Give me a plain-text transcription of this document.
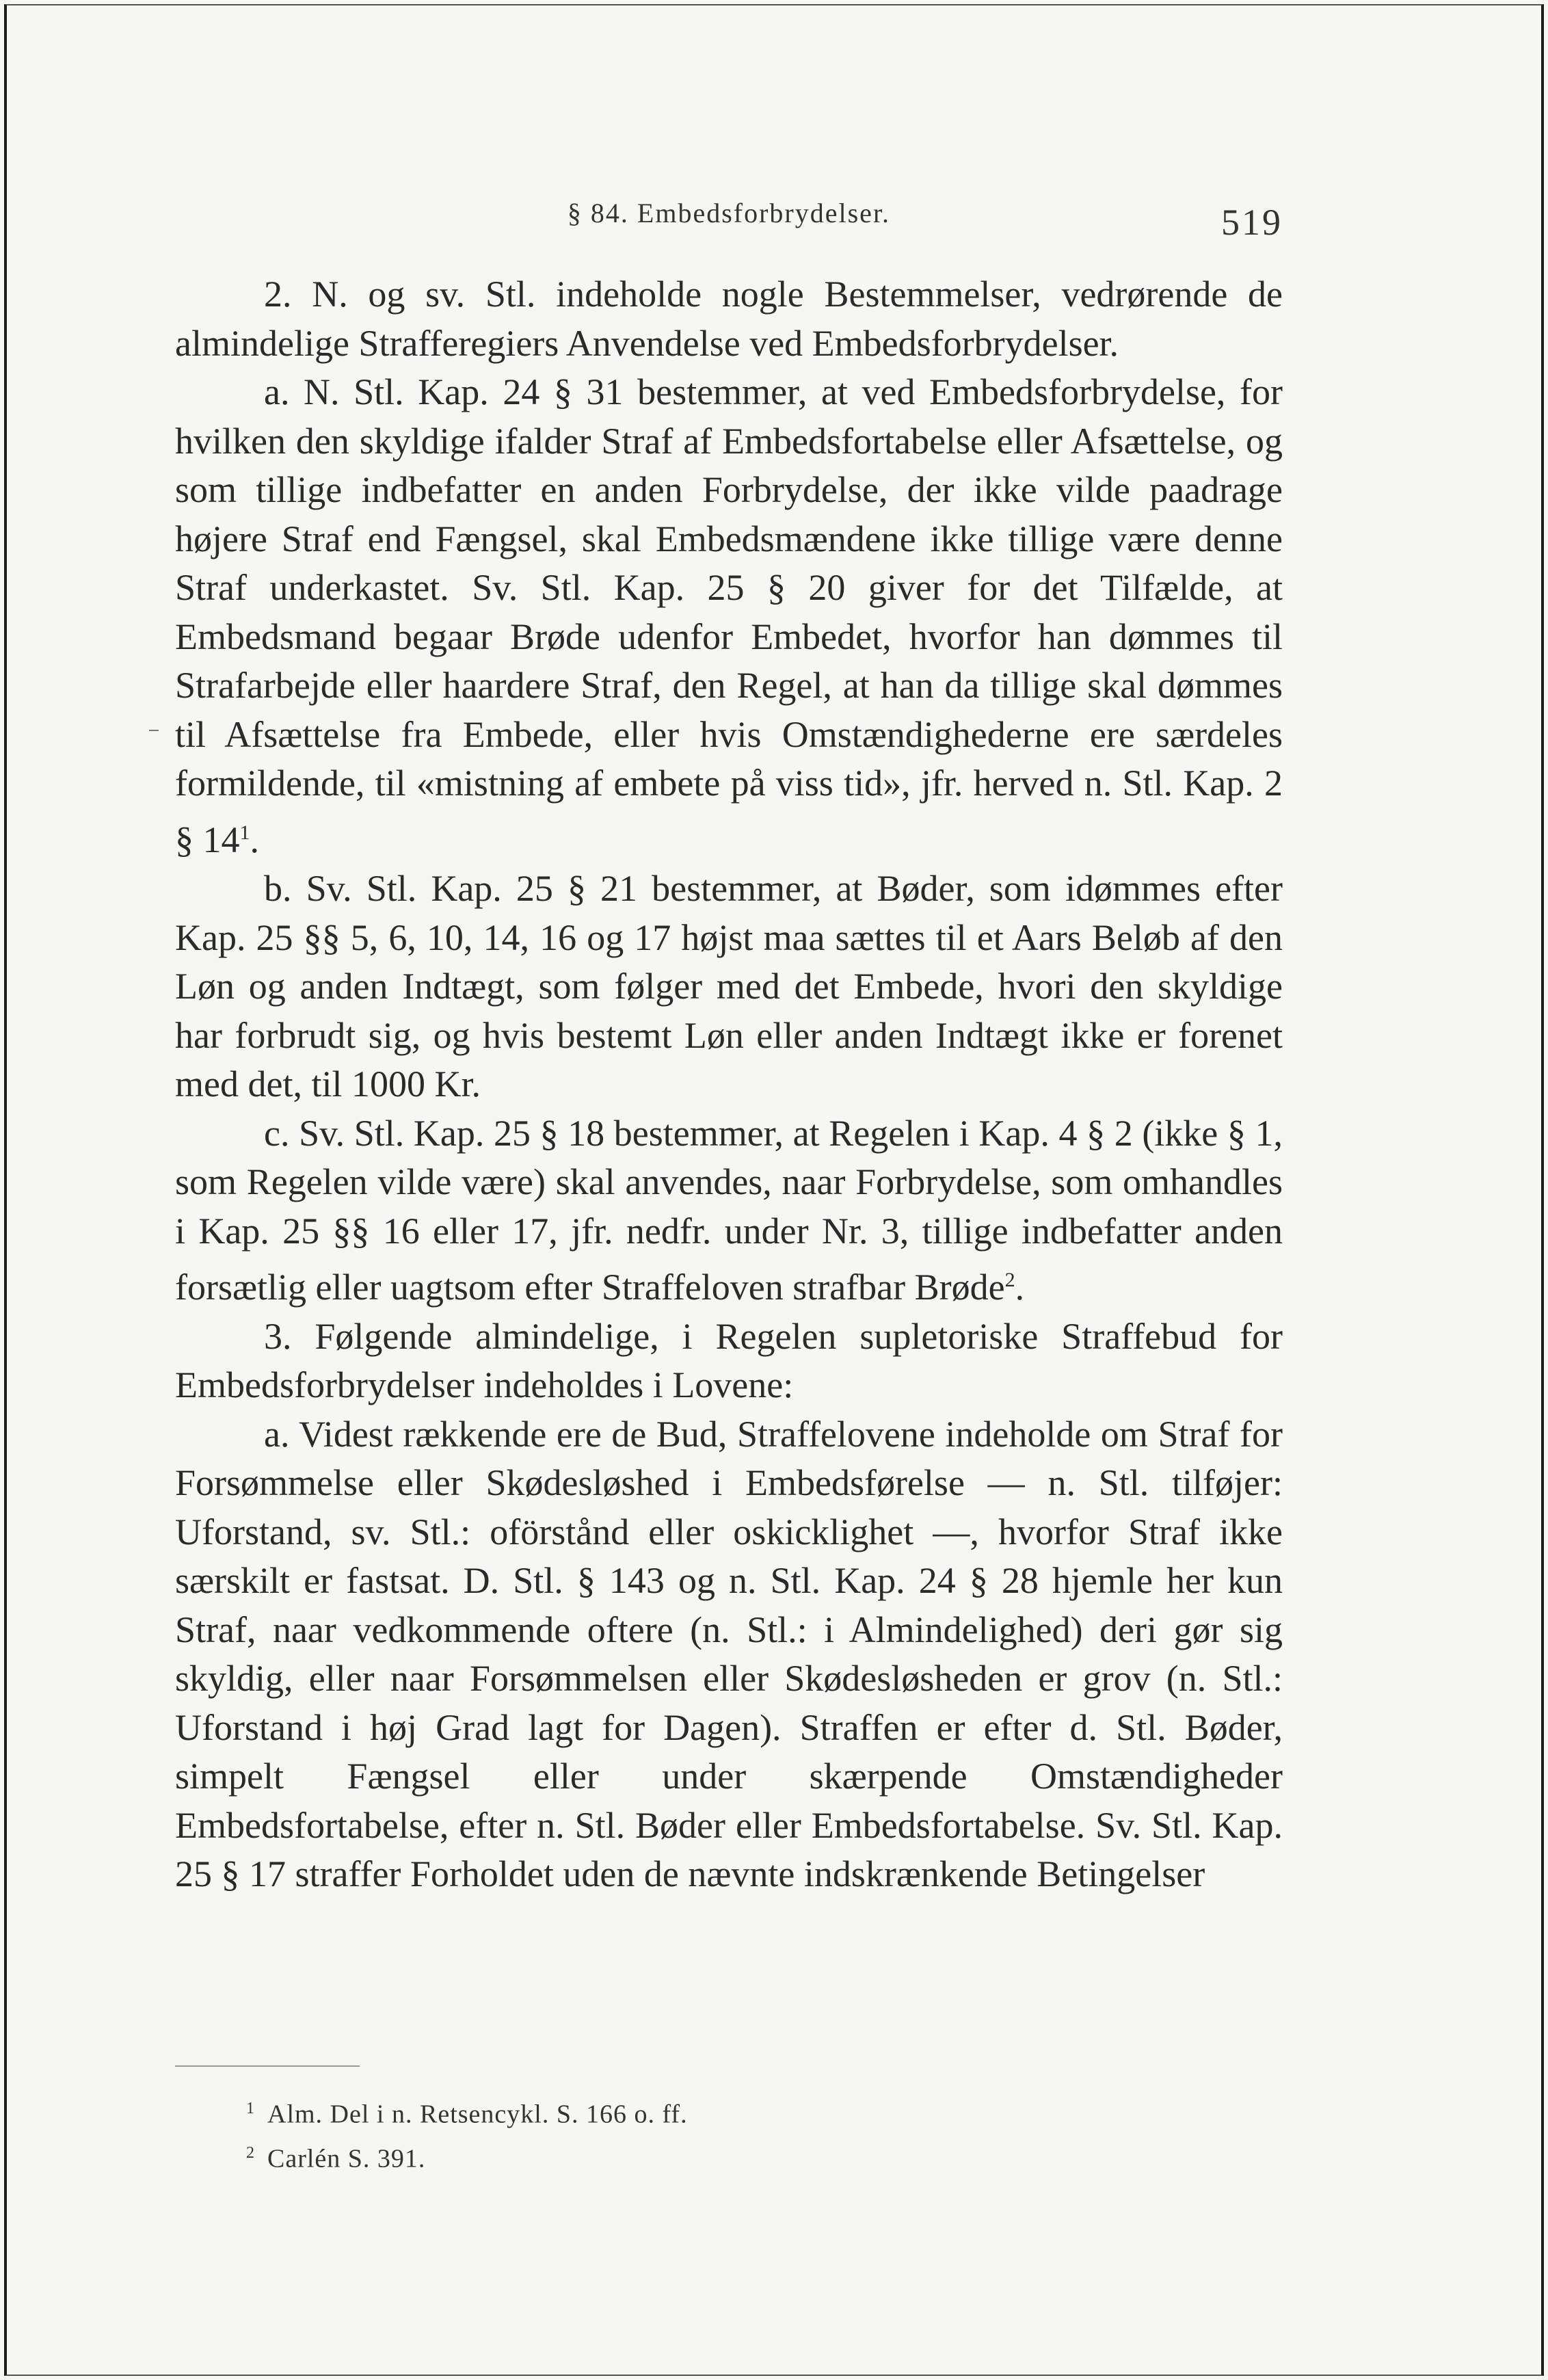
§ 84. Embedsforbrydelser.	519

2. N. og sv. Stl. indeholde nogle Bestemmelser, vedrørende de almindelige Strafferegiers Anvendelse ved Embedsforbrydelser.

a. N. Stl. Kap. 24 § 31 bestemmer, at ved Embedsforbrydelse, for hvilken den skyldige ifalder Straf af Embedsfortabelse eller Afsættelse, og som tillige indbefatter en anden Forbrydelse, der ikke vilde paadrage højere Straf end Fængsel, skal Embedsmændene ikke tillige være denne Straf underkastet. Sv. Stl. Kap. 25 § 20 giver for det Tilfælde, at Embedsmand begaar Brøde udenfor Embedet, hvorfor han dømmes til Strafarbejde eller haardere Straf, den Regel, at han da tillige skal dømmes til Afsættelse fra Embede, eller hvis Omstændighederne ere særdeles formildende, til «mistning af embete på viss tid», jfr. herved n. Stl. Kap. 2 § $14^1$.

b. Sv. Stl. Kap. 25 § 21 bestemmer, at Bøder, som idømmes efter Kap. 25 §§ 5, 6, 10, 14, 16 og 17 højst maa sættes til et Aars Beløb af den Løn og anden Indtægt, som følger med det Embede, hvori den skyldige har forbrudt sig, og hvis bestemt Løn eller anden Indtægt ikke er forenet med det, til 1000 Kr.

c. Sv. Stl. Kap. 25 § 18 bestemmer, at Regelen i Kap. 4 § 2 (ikke § 1, som Regelen vilde være) skal anvendes, naar Forbrydelse, som omhandles i Kap. 25 §§ 16 eller 17, jfr. nedfr. under Nr. 3, tillige indbefatter anden forsætlig eller uagtsom efter Straffeloven strafbar Brøde$^2$.

3. Følgende almindelige, i Regelen supletoriske Straffebud for Embedsforbrydelser indeholdes i Lovene:

a. Videst rækkende ere de Bud, Straffelovene indeholde om Straf for Forsømmelse eller Skødesløshed i Embedsførelse — n. Stl. tilføjer: Uforstand, sv. Stl.: oförstånd eller oskicklighet —, hvorfor Straf ikke særskilt er fastsat. D. Stl. § 143 og n. Stl. Kap. 24 § 28 hjemle her kun Straf, naar vedkommende oftere (n. Stl.: i Almindelighed) deri gør sig skyldig, eller naar Forsømmelsen eller Skødesløsheden er grov (n. Stl.: Uforstand i høj Grad lagt for Dagen). Straffen er efter d. Stl. Bøder, simpelt Fængsel eller under skærpende Omstændigheder Embedsfortabelse, efter n. Stl. Bøder eller Embedsfortabelse. Sv. Stl. Kap. 25 § 17 straffer Forholdet uden de nævnte indskrænkende Betingelser

$^1$ Alm. Del i n. Retsencykl. S. 166 o. ff.
$^2$ Carlén S. 391.
